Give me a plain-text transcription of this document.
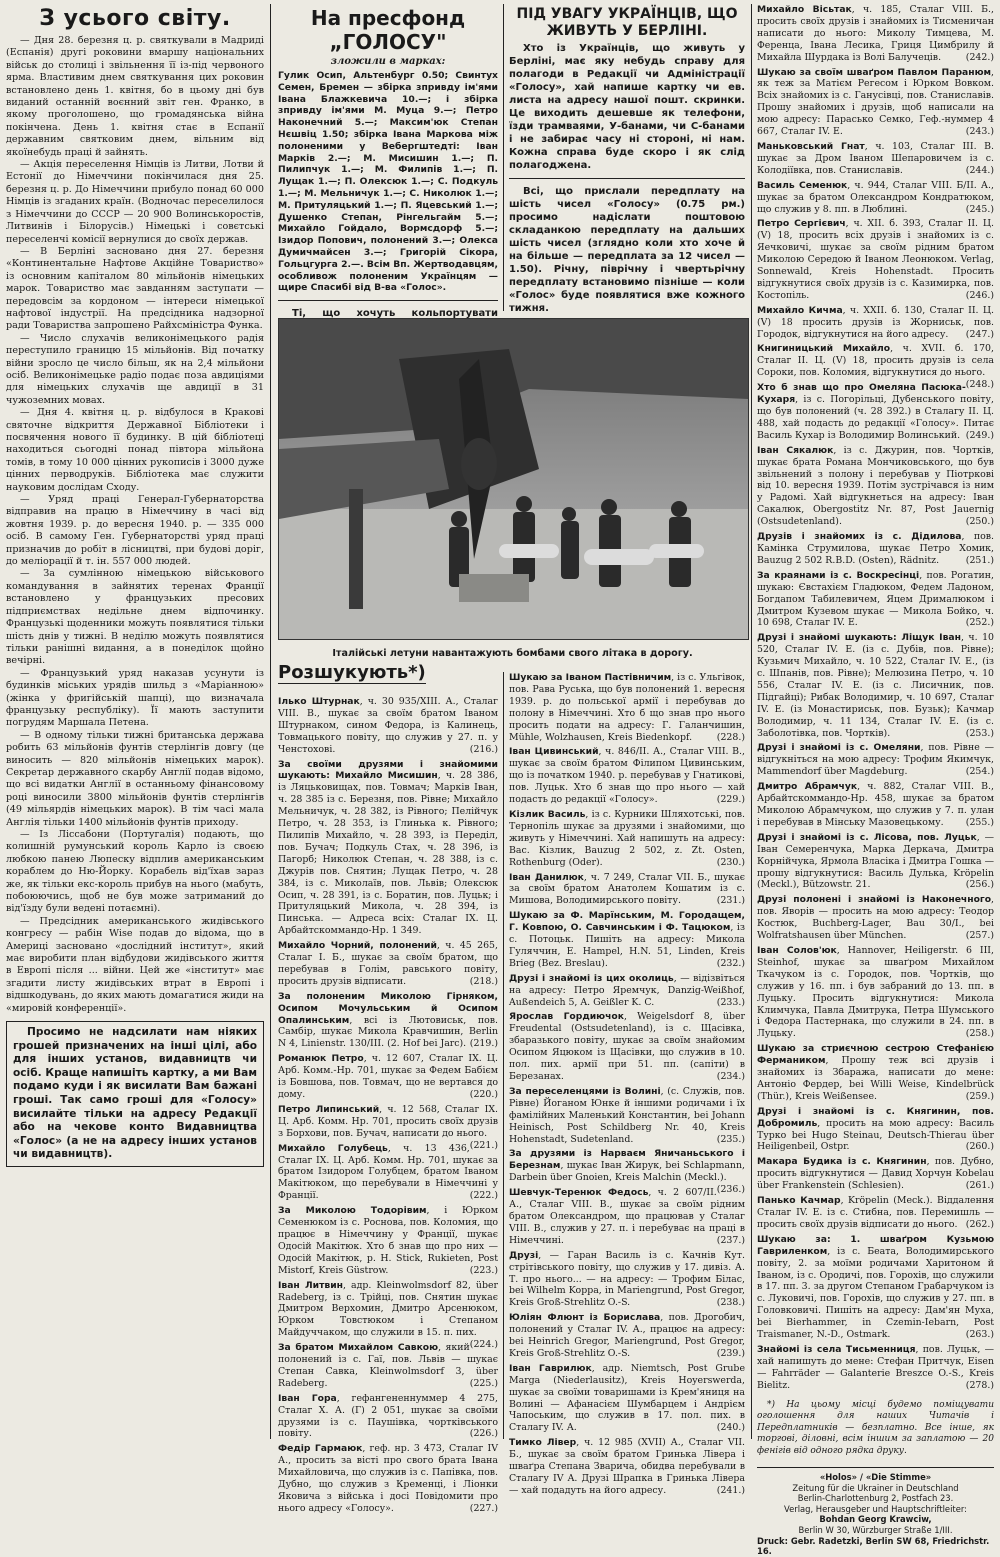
З усього світу.

— Дня 28. березня ц. р. святкували в Мадриді (Еспанія) другі роковини вмаршу національних військ до столиці і звільнення її із-під червоного ярма. Властивим днем святкування цих роковин встановлено день 1. квітня, бо в цьому дні був виданий останній воєнний звіт ген. Франко, в якому проголошено, що громадянська війна покінчена. День 1. квітня стає в Еспанії державним святковим днем, вільним від якоїнебудь праці й зайнять.

— Акція переселення Німців із Литви, Лотви й Естонії до Німеччини покінчилася дня 25. березня ц. р. До Німеччини прибуло понад 60 000 Німців із згаданих країн. (Водночас переселилося з Німеччини до СССР — 20 900 Волинськоростів, Литвинів і Білорусів.) Німецькі і совєтські переселенчі комісії вернулися до своїх держав.

— В Берліні засновано дня 27. березня «Континентальне Нафтове Акційне Товариство» із основним капіталом 80 мільйонів німецьких марок. Товариство має завданням заступати — передовсім за кордоном — інтереси німецької нафтової індустрії. На предсідника надзорної ради Товариства запрошено Райхсміністра Функа.

— Число слухачів великонімецького радія переступило границю 15 мільйонів. Від початку війни зросло це число більш, як на 2,4 мільйони осіб. Великонімецьке радіо подає поза авдиціями для німецьких слухачів ще авдиції в 31 чужоземних мовах.

— Дня 4. квітня ц. р. відбулося в Кракові святочне відкриття Державної Бібліотеки і посвячення нового її будинку. В цій бібліотеці находиться сьогодні понад півтора мільйона томів, в тому 10 000 цінних рукописів і 3000 дуже цінних перводруків. Бібліотека має служити науковим дослідам Сходу.

— Уряд праці Генерал-Губернаторства відправив на працю в Німеччину в часі від жовтня 1939. р. до вересня 1940. р. — 335 000 осіб. В самому Ген. Губернаторстві уряд праці призначив до робіт в лісництві, при будові доріг, до меліорації й т. ін. 557 000 людей.

— За сумлінною німецькою військового командування в зайнятих теренах Франції встановлено у французьких пресових підприємствах недільне днем відпочинку. Французькі щоденники можуть появлятися тільки шість днів у тижні. В неділю можуть появлятися тільки ранішні видання, а в понеділок щойно вечірні.

— Французький уряд наказав усунути із будинків міських урядів шильд з «Маріанною» (жінка у фригійській шапці), що визначала французьку республіку). Її мають заступити погрудям Маршала Петена.

— В одному тільки тижні британська держава робить 63 мільйонів фунтів стерлінгів довгу (це виносить — 820 мільйонів німецьких марок). Секретар державного скарбу Англії подав відомо, що всі видатки Англії в останньому фінансовому році виносили 3800 мільйонів фунтів стерлінгів (49 мільярдів німецьких марок). В тім часі мала Англія тільки 1400 мільйонів фунтів приходу.

— Із Ліссабони (Португалія) подають, що колишній румунський король Карло із своєю любкою панею Люпеску відплив американським кораблем до Ню-Йорку. Корабель від'їхав зараз же, як тільки екс-король прибув на нього (мабуть, побоюючись, щоб не був може затриманий до від'їзду були ведені потаємні).

— Предсідник американського жидівського конгресу — рабін Wise подав до відома, що в Америці засновано «дослідний інститут», який має виробити план відбудови жидівського життя в Европі після ... війни. Цей же «інститут» має згадити листу жидівських втрат в Европі і відшкодувань, до яких мають домагатися жиди на «мировій конференції».

Просимо не надсилати нам ніяких грошей призначених на інші цілі, або для інших установ, видавництв чи осіб. Краще напишіть картку, а ми Вам подамо куди і як висилати Вам бажані гроші. Так само гроші для «Голосу» висилайте тільки на адресу Редакції або на чекове конто Видавництва «Голос» (а не на адресу інших установ чи видавництв).

На пресфонд „ГОЛОСУ"
зложили в марках:

Гулик Осип, Альтенбург 0.50; Свинтух Семен, Бремен — збірка зпривду ім'ями Івана Блажкевича 10.—; і збірка зпривду ім'ями М. Муца 9.—; Петро Наконечний 5.—; Максим'юк Степан Нєшвіц 1.50; збірка Івана Маркова між полоненими у Вебергштедті: Іван Марків 2.—; М. Мисишин 1.—; П. Пилипчук 1.—; М. Филипів 1.—; П. Лущак 1.—; П. Олексюк 1.—; С. Подкуль 1.—; М. Мельничук 1.—; С. Николюк 1.—; М. Притуляцький 1.—; П. Яцевський 1.—; Душенко Степан, Рінгельгайм 5.—; Михайло Гойдало, Вормсдорф 5.—; Ізидор Попович, полонений 3.—; Олекса Думичмайсен 3.—; Григорій Сікора, Гольцгурга 2.—. Всім Вп. Жертводавцям, особливож полоненим Українцям — щире Спасибі від В-ва «Голос».

Ті, що хочуть кольпортувати

ПІД УВАГУ УКРАЇНЦІВ, ЩО ЖИВУТЬ У БЕРЛІНІ.

Хто із Українців, що живуть у Берліні, має яку небудь справу для полагоди в Редакції чи Адміністрації «Голосу», хай напише картку чи ев. листа на адресу нашої пошт. скринки. Це виходить дешевше як телефони, їзди трамваями, У-банами, чи С-банами і не забирає часу ні стороні, ні нам. Кожна справа буде скоро і як слід полагоджена.

Всі, що прислали передплату на шість чисел «Голосу» (0.75 рм.) просимо надіслати поштовою складанкою передплату на дальших шість чисел (зглядно коли хто хоче й на більше — передплата за 12 чисел — 1.50). Річну, піврічну і чвертьрічну передплату встановимо пізніше — коли «Голос» буде появлятися вже кожного тижня.

Італійські летуни навантажують бомбами свого літака в дорогу.
Розшукують*)
Ілько Штурнак, ч. 30 935/XIII. А., Сталаг VIII. В., шукає за своїм братом Іваном Штурнаком, сином Федора, із Калинець, Товмацького повіту, що служив у 27. п. у Ченстохові.	(216.)
За своїми друзями і знайомими шукають: Михайло Мисишин, ч. 28 386, із Ляцьковищах, пов. Товмач; Марків Іван, ч. 28 385 із с. Березня, пов. Рівне; Михайло Мельничук, ч. 28 382, із Рівного; Пелійчук Петро, ч. 28 353, із Глинька к. Рівного; Пилипів Михайло, ч. 28 393, із Переділ, пов. Бучач; Подкуль Стах, ч. 28 396, із Пагорб; Николюк Степан, ч. 28 388, із с. Джурів пов. Снятин; Лущак Петро, ч. 28 384, із с. Миколаїв, пов. Львів; Олексюк Осип, ч. 28 391, із с. Боратин, пов. Луцьк; і Притуляцький Микола, ч. 28 394, із Пинська. — Адреса всіх: Сталаг IX. Ц. Арбайтскоммандо-Нр. 1 349.
Михайло Чорний, полонений, ч. 45 265, Сталаг I. Б., шукає за своїм братом, що перебував в Голім, равського повіту, просить друзів відписати.	(218.)
За полоненим Миколою Гірняком, Осипом Мочульським й Осипом Опалинським, всі із Лютовиськ, пов. Самбір, шукає Микола Кравчишин, Berlin N 4, Linienstr. 130/III. (2. Hof bei Jarc). (219.)
Романюк Петро, ч. 12 607, Сталаг IX. Ц. Арб. Комм.-Нр. 701, шукає за Федем Бабієм із Бовшова, пов. Товмач, що не вертався до дому.	(220.)
Петро Липинський, ч. 12 568, Сталаг IX. Ц. Арб. Комм. Нр. 701, просить своїх друзів з Борхови, пов. Бучач, написати до нього.
(221.)
Михайло Голубець, ч. 13 436, Сталаг IX. Ц. Арб. Комм. Нр. 701, шукає за братом Ізидором Голубцем, братом Іваном Макітюком, що перебували в Німеччині у Франції.	(222.)
За Миколою Тодорівим, і Юрком Семенюком із с. Роснова, пов. Коломия, що працює в Німеччину у Франції, шукає Одосій Макітюк. Хто б знав що про них — Одосій Макітюк, p. H. Stick, Rukieten, Post Mistorf, Kreis Güstrow.	(223.)
Іван Литвин, адр. Kleinwolmsdorf 82, über Radeberg, із с. Трійці, пов. Снятин шукає Дмитром Верхомин, Дмитро Арсенюком, Юрком Товстюком і Степаном Майдуччаком, що служили в 15. п. пих.
(224.)
За братом Михайлом Савкою, який полонений із с. Гаї, пов. Львів — шукає Степан Савка, Kleinwolmsdorf 3, über Radeberg.	(225.)
Іван Гора, гефангененнуммер 4 275, Сталаг Х. А. (Г) 2 051, шукає за своїми друзями із с. Паушівка, чортківського повіту.	(226.)
Федір Гармаюк, геф. нр. 3 473, Сталаг IV А., просить за вісті про свого брата Івана Михайловича, що служив із с. Папівка, пов. Дубно, що служив з Кременці, і Ліонки Яковича з війська і досі Повідомити про нього адресу «Голосу».	(227.)
Шукаю за Іваном Пастівничим, із с. Ульгівок, пов. Рава Руська, що був полонений 1. вересня 1939. р. до польської армії і перебував до полону в Німеччині. Хто б що знав про нього просить подати на адресу: Г. Галанчишин, Mühle, Wolzhausen, Kreis Biedenkopf.	(228.)
Іван Цивинський, ч. 846/II. А., Сталаг VIII. B., шукає за своїм братом Філипом Цивинським, що із початком 1940. р. перебував у Гнатикові, пов. Луцьк. Хто б знав що про нього — хай подасть до редакції «Голосу».	(229.)
Кізлик Василь, із с. Курники Шляхотські, пов. Тернопіль шукає за друзями і знайомими, що живуть у Німеччині. Хай напишуть на адресу: Вас. Кізлик, Bauzug 2 502, z. Zt. Osten, Rothenburg (Oder).	(230.)
Іван Данилюк, ч. 7 249, Сталаг VII. Б., шукає за своїм братом Анатолем Кошатим із с. Мишова, Володимирського повіту.	(231.)
Шукаю за Ф. Марїнським, М. Городащем, Г. Ковпою, О. Савчинським і Ф. Тацюком, із с. Потоцьк. Пишіть на адресу: Микола Гуляччин, E. Hampel, H.N. 51, Linden, Kreis Brieg (Bez. Breslau).	(232.)
Друзі і знайомі із цих околиць, — відізвіться на адресу: Петро Яремчук, Danzig-Weißhof, Außendeich 5, A. Geißler K. C.	(233.)
Ярослав Гордиючок, Weigelsdorf 8, über Freudental (Ostsudetenland), із с. Щасівка, збаразького повіту, шукає за своїм знайомим Осипом Яцюком із Щасівки, що служив в 10. пол. пих. армії при 51. пп. (сапіти) в Березанах.	(234.)
За переселенцями із Волині, (с. Служів, пов. Рівне) Йоганом Юнке й іншими родичами і їх фамілійних Маленький Константин, bei Johann Heinisch, Post Schildberg Nr. 40, Kreis Hohenstadt, Sudetenland.	(235.)
За друзями із Нарваєм Яничаньського і Березнам, шукає Іван Жирук, bei Schlapmann, Darbein über Gnoien, Kreis Malchin (Meckl.).
(236.)
Шевчук-Теренюк Федось, ч. 2 607/II. А., Сталаг VIII. B., шукає за своїм рідним братом Олександром, що працював у Сталаг VIII. B., служив у 27. п. і перебуває на праці в Німеччині.	(237.)
Друзі, — Гаран Василь із с. Качнів Кут. стрітівського повіту, що служив у 17. дивіз. А. Т. про нього... — на адресу: — Трофим Білас, bei Wilhelm Koppa, in Mariengrund, Post Gregor, Kreis Groß-Strehlitz O.-S.	(238.)
Юліян Флюнт із Борислава, пов. Дрогобич, полонений у Сталаг IV. А., працює на адресу: bei Heinrich Gregor, Mariengrund, Post Gregor, Kreis Groß-Strehlitz O.-S.	(239.)
Іван Гаврилюк, адр. Niemtsch, Post Grube Marga (Niederlausitz), Kreis Hoyerswerda, шукає за своїми товаришами із Крем'яниця на Волині — Афанасієм Шумбарцем і Андрієм Чапоським, що служив в 17. пол. пих. в Сталагу IV. А.	(240.)
Тимко Лівер, ч. 12 985 (XVII) А., Сталаг VII. Б., шукає за своїм братом Гринька Лівера і шваґра Степана Зварича, обидва перебували в Сталагу IV A. Друзі Шрапка в Гринька Лівера — хай подадуть на його адресу.	(241.)
Михайло Вісьтак, ч. 185, Сталаг VIII. Б., просить своїх друзів і знайомих із Тисменичан написати до нього: Миколу Тимцева, М. Ференца, Івана Лесика, Гриця Цимбрилу й Михайла Шурдака із Волі Балучеців.	(242.)
Шукаю за своїм шваґром Павлом Паранюм, як теж за Матієм Регесом і Юрком Вовком. Всіх знайомих із с. Ганусівці, пов. Станиславів. Прошу знайомих і друзів, щоб написали на мою адресу: Парасько Семко, Геф.-нуммер 4 667, Сталаг IV. Е.	(243.)
Маньковський Гнат, ч. 103, Сталаг III. B. шукає за Дром Іваном Шепаровичем із с. Колодіївка, пов. Станиславів.	(244.)
Василь Семенюк, ч. 944, Сталаг VIII. Б/II. А., шукає за братом Олександром Кондратюком, що служив у 8. пп. в Люблині.	(245.)
Петро Сергієвич, ч. XII. б. 393, Сталаг II. Ц. (V) 18, просить всіх друзів і знайомих із с. Яечковичі, шукає за своїм рідним братом Миколою Середою й Іваном Леонюком. Verlag, Sonnewald, Kreis Hohenstadt. Просить відгукнутися своїх друзів із с. Казимирка, пов. Костопіль.	(246.)
Михайло Кичма, ч. XXII. б. 130, Сталаг II. Ц. (V) 18 просить друзів із Жорниськ, пов. Городок, відгукнутися на його адресу. (247.)
Книгиницький Михайло, ч. XVII. б. 170, Сталаг II. Ц. (V) 18, просить друзів із села Сороки, пов. Коломия, відгукнутися до нього.
(248.)
Хто б знав що про Омеляна Пасюка-Кухаря, із с. Погорільці, Дубенського повіту, що був полонений (ч. 28 392.) в Сталагу II. Ц. 488, хай подасть до редакції «Голосу». Питає Василь Кухар із Володимир Волинський. (249.)
Іван Сякалюк, із с. Джурин, пов. Чортків, шукає брата Романа Мончиковського, що був звільнений з полону і перебував у Піотркові від 10. вересня 1939. Потім зустрічався із ним у Радомі. Хай відгукнеться на адресу: Іван Сакалюк, Obergostitz Nr. 87, Post Jauernig (Ostsudetenland).	(250.)
Друзів і знайомих із с. Дідилова, пов. Камінка Струмилова, шукає Петро Хомик, Bauzug 2 502 R.B.D. (Osten), Rädnitz.	(251.)
За краянами із с. Воскресінці, пов. Рогатин, шукаю: Євстахієм Гладюком, Федем Ладоном, Богдапом Табилевичем, Яцем Дрималюком і Дмитром Кузевом шукає — Микола Бойко, ч. 10 698, Сталаг IV. Е.	(252.)
Друзі і знайомі шукають: Ліщук Іван, ч. 10 520, Сталаг IV. Е. (із с. Дубів, пов. Рівне); Кузьмич Михайло, ч. 10 522, Сталаг IV. Е., (із с. Шпанів, пов. Рівне); Мелюзина Петро, ч. 10 556, Сталаг IV. Е. (із с. Лисичник, пов. Підгайці); Рибак Володимир, ч. 10 697, Сталаг IV. Е. (із Монастириськ, пов. Бузьк); Качмар Володимир, ч. 11 134, Сталаг IV. Е. (із с. Заболотівка, пов. Чортків).	(253.)
Друзі і знайомі із с. Омеляни, пов. Рівне — відгукніться на мою адресу: Трофим Якимчук, Mammendorf über Magdeburg.	(254.)
Дмитро Абрамчук, ч. 882, Сталаг VIII. B., Арбайтскоммандо-Нр. 458, шукає за братом Миколою Абрамчуком, що служив у 7. п. улан і перебував в Мінську Мазовецькому. (255.)
Друзі і знайомі із с. Лісова, пов. Луцьк, — Іван Семеренчука, Марка Деркача, Дмитра Корнійчука, Ярмола Власіка і Дмитра Гошка — прошу відгукнутися: Василь Дулька, Kröpelin (Meckl.), Bützowstr. 21.	(256.)
Друзі полонені і знайомі із Наконечного, пов. Яворів — просить на мою адресу: Теодор Костюк, Buchberg-Lager, Bau 30/I., bei Wolfratshausen über München.	(257.)
Іван Солов'юк, Hannover, Heiligerstr. 6 III, Steinhof, шукає за шваґром Михайлом Ткачуком із с. Городок, пов. Чортків, що служив у 16. пп. і був забраний до 13. пп. в Луцьку. Просить відгукнутися: Микола Климчука, Павла Дмитрука, Петра Шумського і Федора Пастернака, що служили в 24. пп. в Луцьку.	(258.)
Шукаю за стриєчною сестрою Стефанією Фермаником, Прошу теж всі друзів і знайомих із Збаража, написати до мене: Антоніо Фердер, bei Willi Weise, Kindelbrück (Thür.), Kreis Weißensee.	(259.)
Друзі і знайомі із с. Княгинин, пов. Добромиль, просить на мою адресу: Василь Турко bei Hugo Steinau, Deutsch-Thierau über Heiligenbeil, Ostpr.	(260.)
Макара Будика із с. Княгинин, пов. Дубно, просить відгукнутися — Давид Хорчун Kobelau über Frankenstein (Schlesien).	(261.)
Панько Качмар, Kröpelin (Meck.). Віддалення Сталаг IV. Е. із с. Стибна, пов. Перемишль — просить своїх друзів відписати до нього. (262.)
Шукаю за: 1. шваґром Кузьмою Гавриленком, із с. Беата, Володимирського повіту, 2. за моїми родичами Харитоном й Іваном, із с. Ородичі, пов. Горохів, що служили в 17. пп. 3. за другом Степаном Грабарчуком із с. Луковичі, пов. Горохів, що служив у 27. пп. в Головковичі. Пишіть на адресу: Дам'ян Муха, bei Bierhammer, in Czemin-Iebarn, Post Traismaner, N.-D., Ostmark.	(263.)
Знайомі із села Тисьменниця, пов. Луцьк, — хай напишуть до мене: Стефан Притчук, Eisen — Fahrräder — Galanterie Breszce O.-S., Kreis Bielitz.	(278.)
*) На цьому місці будемо поміщувати оголошення для наших Читачів і Передплатників — безплатно. Все інше, як торгові, діловні, всім іншим за заплатою — 20 фенігів від одного рядка друку.
«Holos» / «Die Stimme»
Zeitung für die Ukrainer in Deutschland
Berlin-Charlottenburg 2, Postfach 23.
Verlag, Herausgeber und Hauptschriftleiter:
Bohdan Georg Krawciw,
Berlin W 30, Würzburger Straße 1/III.
Druck: Gebr. Radetzki, Berlin SW 68, Friedrichstr. 16.
